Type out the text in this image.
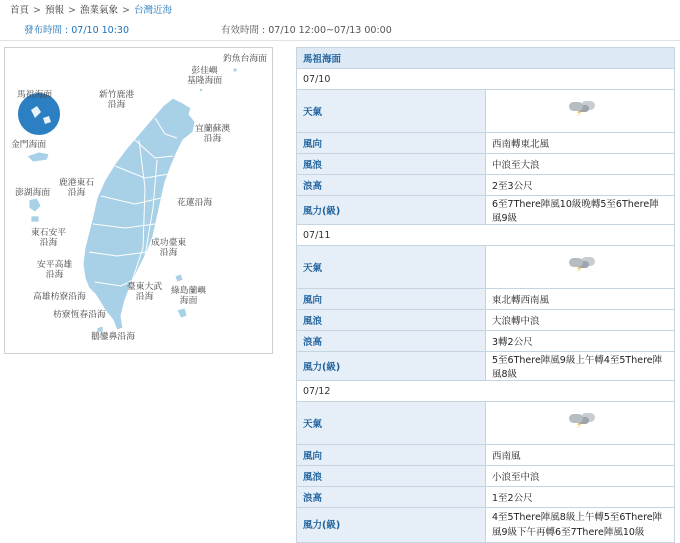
首頁 > 預報 > 漁業氣象 > 台灣近海
發布時間 : 07/10 10:30	有效時間 : 07/10 12:00~07/13 00:00
釣魚台海面
彭佳嶼
基隆海面
馬祖海面	新竹鹿港
沿海
宜蘭蘇澳
沿海
金門海面
鹿港東石
沿海
澎湖海面
花蓮沿海
東石安平
沿海	成功臺東
沿海
安平高雄
沿海
臺東大武
沿海
綠島蘭嶼
海面
高雄枋寮沿海
枋寮恆春沿海
鵝鑾鼻沿海
馬祖海面	
07/10	
天氣	⚡
風向	西南轉東北風
風浪	中浪至大浪
浪高	2至3公尺
風力(級)	6至7There陣風10級晚轉5至6There陣風9級
07/11	
天氣	⚡
風向	東北轉西南風
風浪	大浪轉中浪
浪高	3轉2公尺
風力(級)	5至6There陣風9級上午轉4至5There陣風8級
07/12	
天氣	⚡
風向	西南風
風浪	小浪至中浪
浪高	1至2公尺
風力(級)	4至5There陣風8級上午轉5至6There陣風9級下午再轉6至7There陣風10級
